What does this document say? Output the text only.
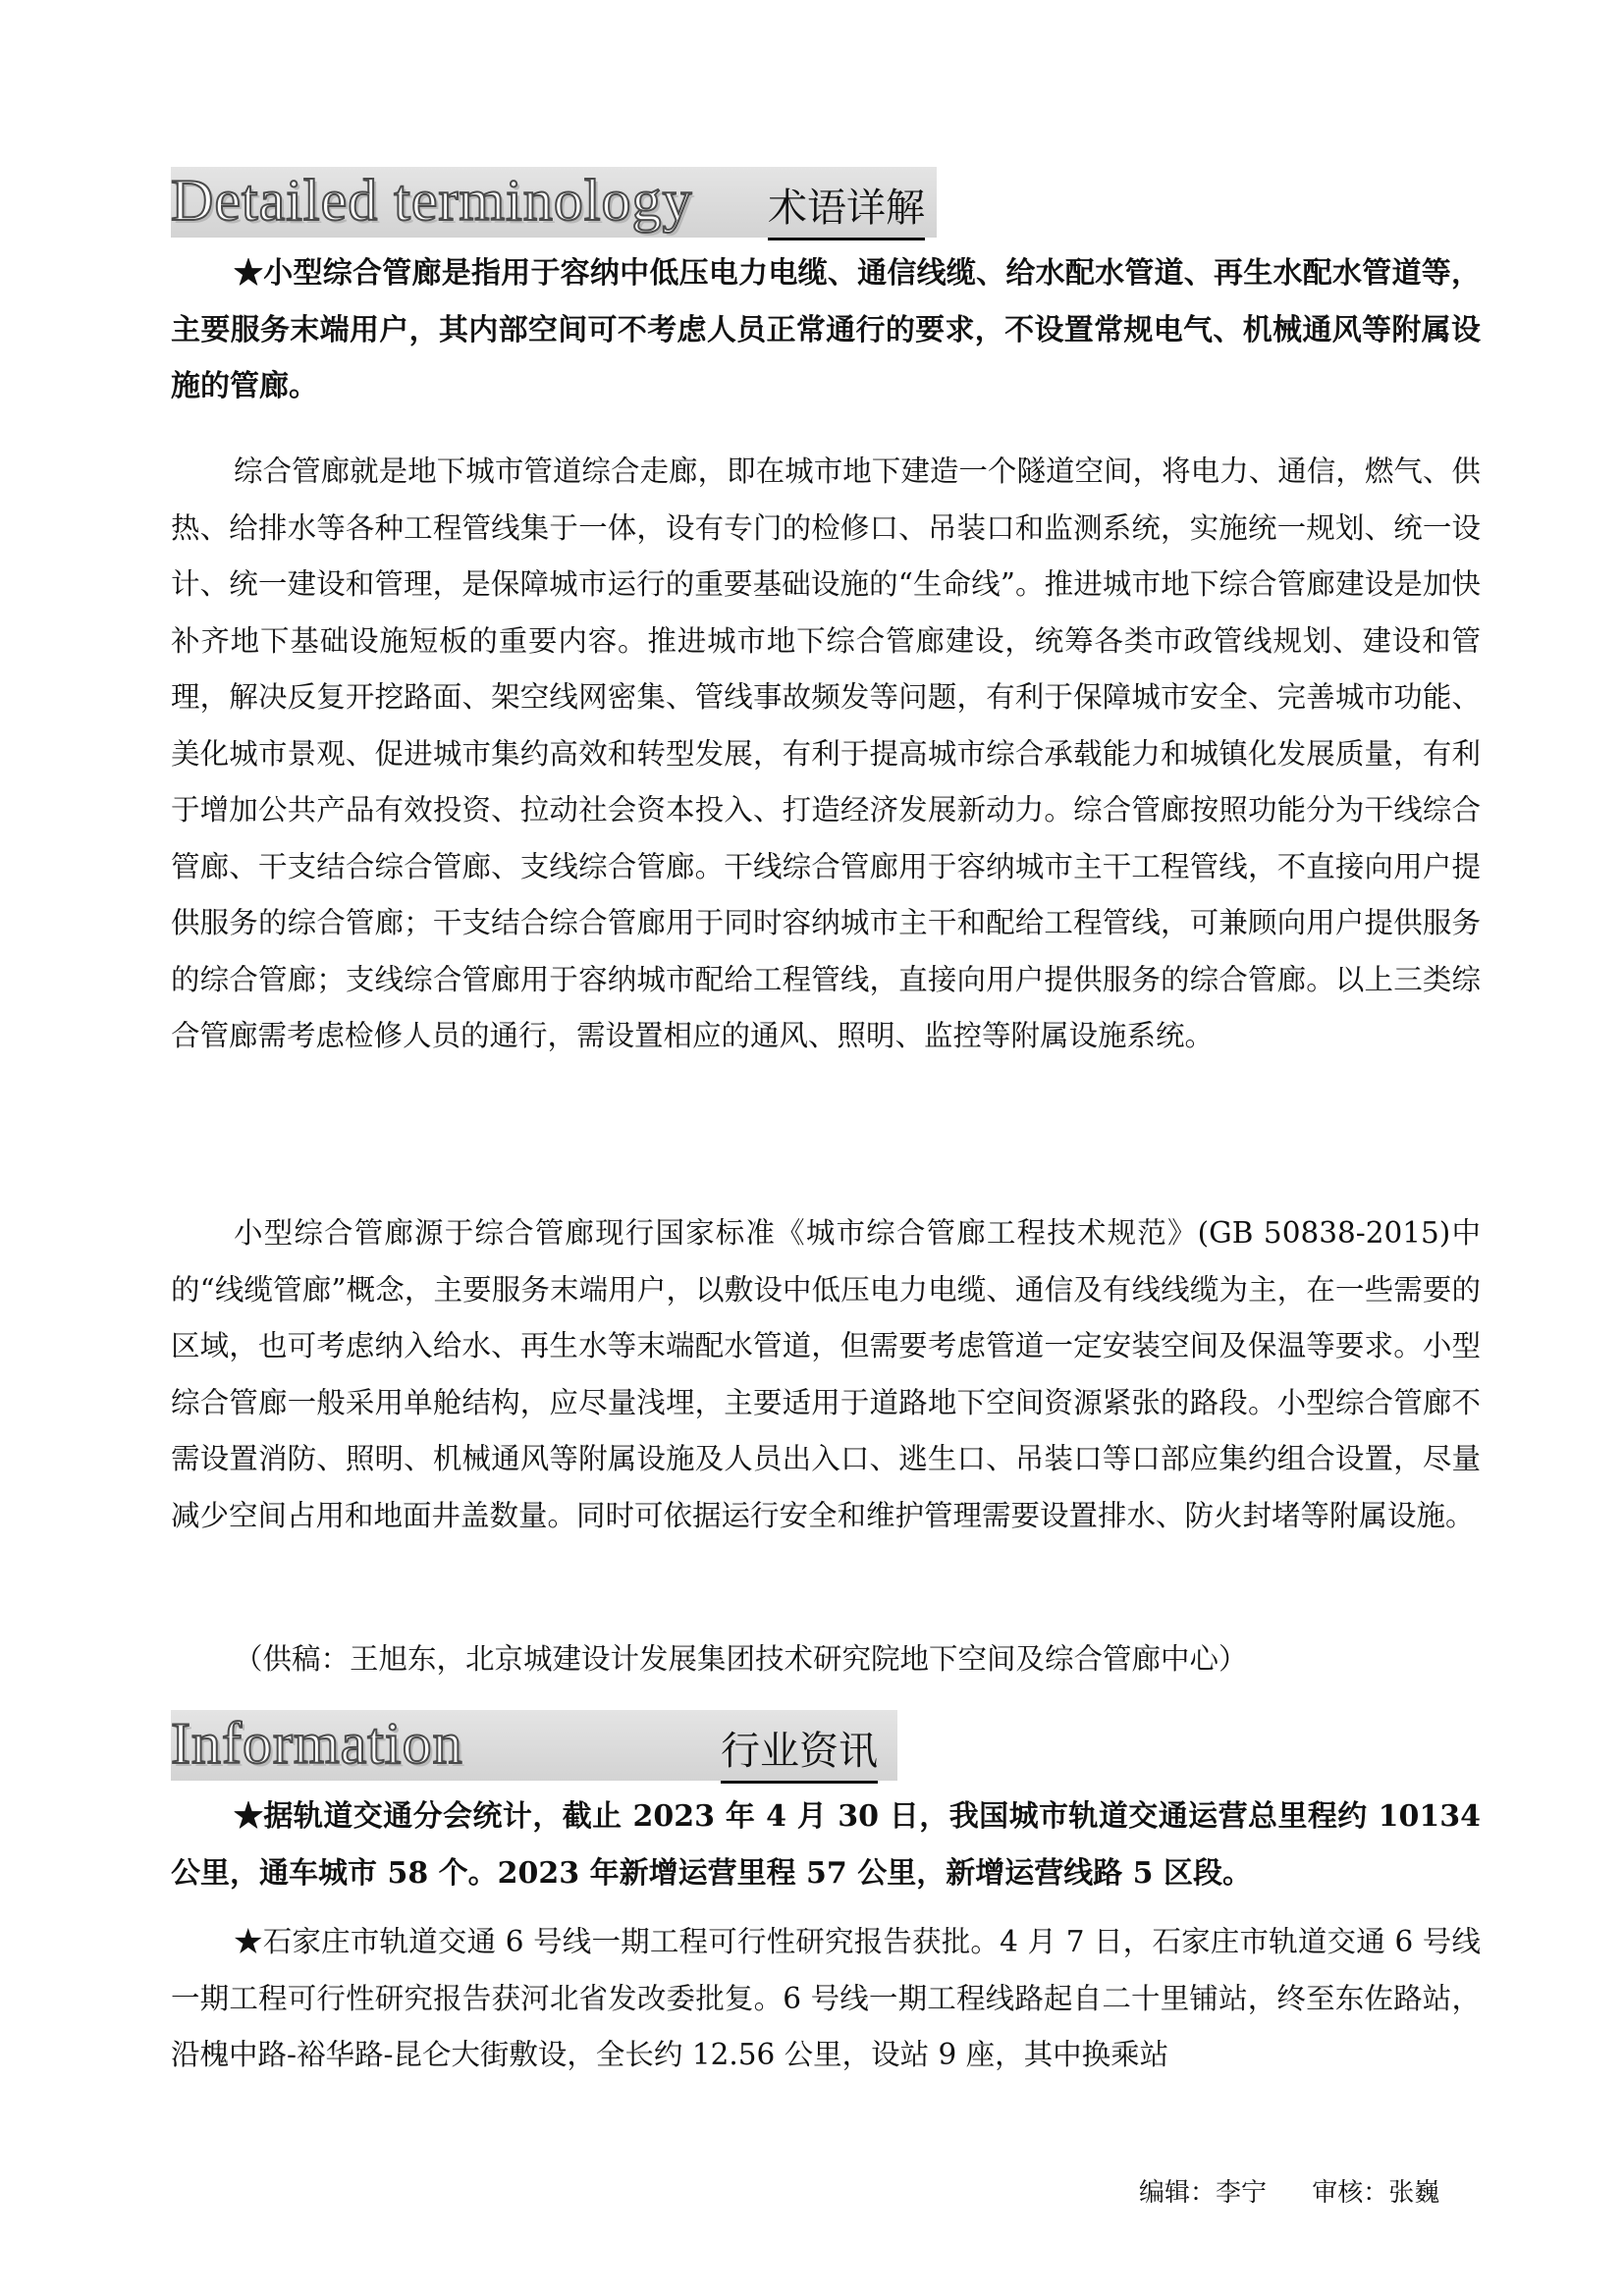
Detailed terminology 术语详解

★小型综合管廊是指用于容纳中低压电力电缆、通信线缆、给水配水管道、再生水配水管道等，主要服务末端用户，其内部空间可不考虑人员正常通行的要求，不设置常规电气、机械通风等附属设施的管廊。

综合管廊就是地下城市管道综合走廊，即在城市地下建造一个隧道空间，将电力、通信，燃气、供热、给排水等各种工程管线集于一体，设有专门的检修口、吊装口和监测系统，实施统一规划、统一设计、统一建设和管理，是保障城市运行的重要基础设施的“生命线”。推进城市地下综合管廊建设是加快补齐地下基础设施短板的重要内容。推进城市地下综合管廊建设，统筹各类市政管线规划、建设和管理，解决反复开挖路面、架空线网密集、管线事故频发等问题，有利于保障城市安全、完善城市功能、美化城市景观、促进城市集约高效和转型发展，有利于提高城市综合承载能力和城镇化发展质量，有利于增加公共产品有效投资、拉动社会资本投入、打造经济发展新动力。综合管廊按照功能分为干线综合管廊、干支结合综合管廊、支线综合管廊。干线综合管廊用于容纳城市主干工程管线，不直接向用户提供服务的综合管廊；干支结合综合管廊用于同时容纳城市主干和配给工程管线，可兼顾向用户提供服务的综合管廊；支线综合管廊用于容纳城市配给工程管线，直接向用户提供服务的综合管廊。以上三类综合管廊需考虑检修人员的通行，需设置相应的通风、照明、监控等附属设施系统。

小型综合管廊源于综合管廊现行国家标准《城市综合管廊工程技术规范》(GB 50838-2015)中的“线缆管廊”概念，主要服务末端用户，以敷设中低压电力电缆、通信及有线线缆为主，在一些需要的区域，也可考虑纳入给水、再生水等末端配水管道，但需要考虑管道一定安装空间及保温等要求。小型综合管廊一般采用单舱结构，应尽量浅埋，主要适用于道路地下空间资源紧张的路段。小型综合管廊不需设置消防、照明、机械通风等附属设施及人员出入口、逃生口、吊装口等口部应集约组合设置，尽量减少空间占用和地面井盖数量。同时可依据运行安全和维护管理需要设置排水、防火封堵等附属设施。

（供稿：王旭东，北京城建设计发展集团技术研究院地下空间及综合管廊中心）

Information	行业资讯

★据轨道交通分会统计，截止 2023 年 4 月 30 日，我国城市轨道交通运营总里程约 10134 公里，通车城市 58 个。2023 年新增运营里程 57 公里，新增运营线路 5 区段。

★石家庄市轨道交通 6 号线一期工程可行性研究报告获批。4 月 7 日，石家庄市轨道交通 6 号线一期工程可行性研究报告获河北省发改委批复。6 号线一期工程线路起自二十里铺站，终至东佐路站，沿槐中路-裕华路-昆仑大街敷设，全长约 12.56 公里，设站 9 座，其中换乘站

编辑：李宁 审核：张巍
